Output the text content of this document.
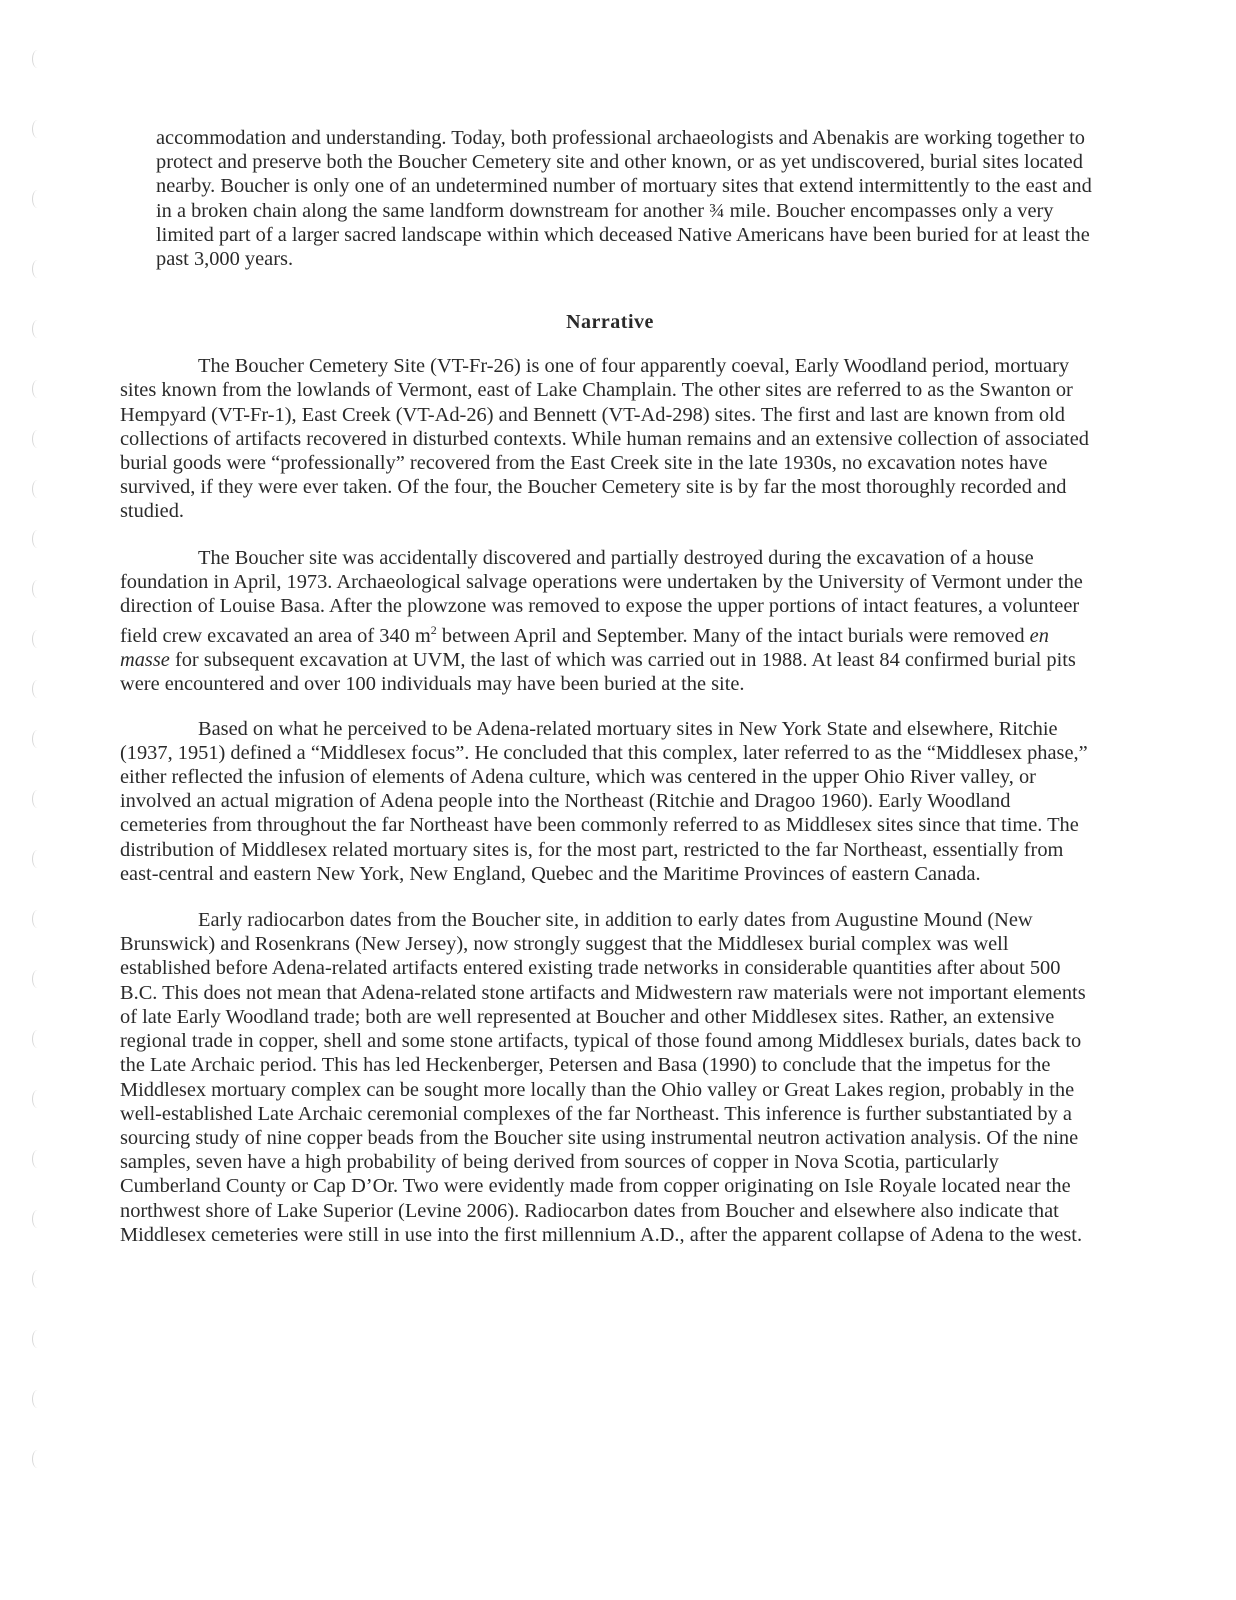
accommodation and understanding. Today, both professional archaeologists and Abenakis are working together to protect and preserve both the Boucher Cemetery site and other known, or as yet undiscovered, burial sites located nearby. Boucher is only one of an undetermined number of mortuary sites that extend intermittently to the east and in a broken chain along the same landform downstream for another ¾ mile. Boucher encompasses only a very limited part of a larger sacred landscape within which deceased Native Americans have been buried for at least the past 3,000 years.

Narrative

The Boucher Cemetery Site (VT-Fr-26) is one of four apparently coeval, Early Woodland period, mortuary sites known from the lowlands of Vermont, east of Lake Champlain. The other sites are referred to as the Swanton or Hempyard (VT-Fr-1), East Creek (VT-Ad-26) and Bennett (VT-Ad-298) sites. The first and last are known from old collections of artifacts recovered in disturbed contexts. While human remains and an extensive collection of associated burial goods were “professionally” recovered from the East Creek site in the late 1930s, no excavation notes have survived, if they were ever taken. Of the four, the Boucher Cemetery site is by far the most thoroughly recorded and studied.

The Boucher site was accidentally discovered and partially destroyed during the excavation of a house foundation in April, 1973. Archaeological salvage operations were undertaken by the University of Vermont under the direction of Louise Basa. After the plowzone was removed to expose the upper portions of intact features, a volunteer field crew excavated an area of 340 $m^2$ between April and September. Many of the intact burials were removed en masse for subsequent excavation at UVM, the last of which was carried out in 1988. At least 84 confirmed burial pits were encountered and over 100 individuals may have been buried at the site.

Based on what he perceived to be Adena-related mortuary sites in New York State and elsewhere, Ritchie (1937, 1951) defined a “Middlesex focus”. He concluded that this complex, later referred to as the “Middlesex phase,” either reflected the infusion of elements of Adena culture, which was centered in the upper Ohio River valley, or involved an actual migration of Adena people into the Northeast (Ritchie and Dragoo 1960). Early Woodland cemeteries from throughout the far Northeast have been commonly referred to as Middlesex sites since that time. The distribution of Middlesex related mortuary sites is, for the most part, restricted to the far Northeast, essentially from east-central and eastern New York, New England, Quebec and the Maritime Provinces of eastern Canada.

Early radiocarbon dates from the Boucher site, in addition to early dates from Augustine Mound (New Brunswick) and Rosenkrans (New Jersey), now strongly suggest that the Middlesex burial complex was well established before Adena-related artifacts entered existing trade networks in considerable quantities after about 500 B.C. This does not mean that Adena-related stone artifacts and Midwestern raw materials were not important elements of late Early Woodland trade; both are well represented at Boucher and other Middlesex sites. Rather, an extensive regional trade in copper, shell and some stone artifacts, typical of those found among Middlesex burials, dates back to the Late Archaic period. This has led Heckenberger, Petersen and Basa (1990) to conclude that the impetus for the Middlesex mortuary complex can be sought more locally than the Ohio valley or Great Lakes region, probably in the well-established Late Archaic ceremonial complexes of the far Northeast. This inference is further substantiated by a sourcing study of nine copper beads from the Boucher site using instrumental neutron activation analysis. Of the nine samples, seven have a high probability of being derived from sources of copper in Nova Scotia, particularly Cumberland County or Cap D’Or. Two were evidently made from copper originating on Isle Royale located near the northwest shore of Lake Superior (Levine 2006). Radiocarbon dates from Boucher and elsewhere also indicate that Middlesex cemeteries were still in use into the first millennium A.D., after the apparent collapse of Adena to the west.
